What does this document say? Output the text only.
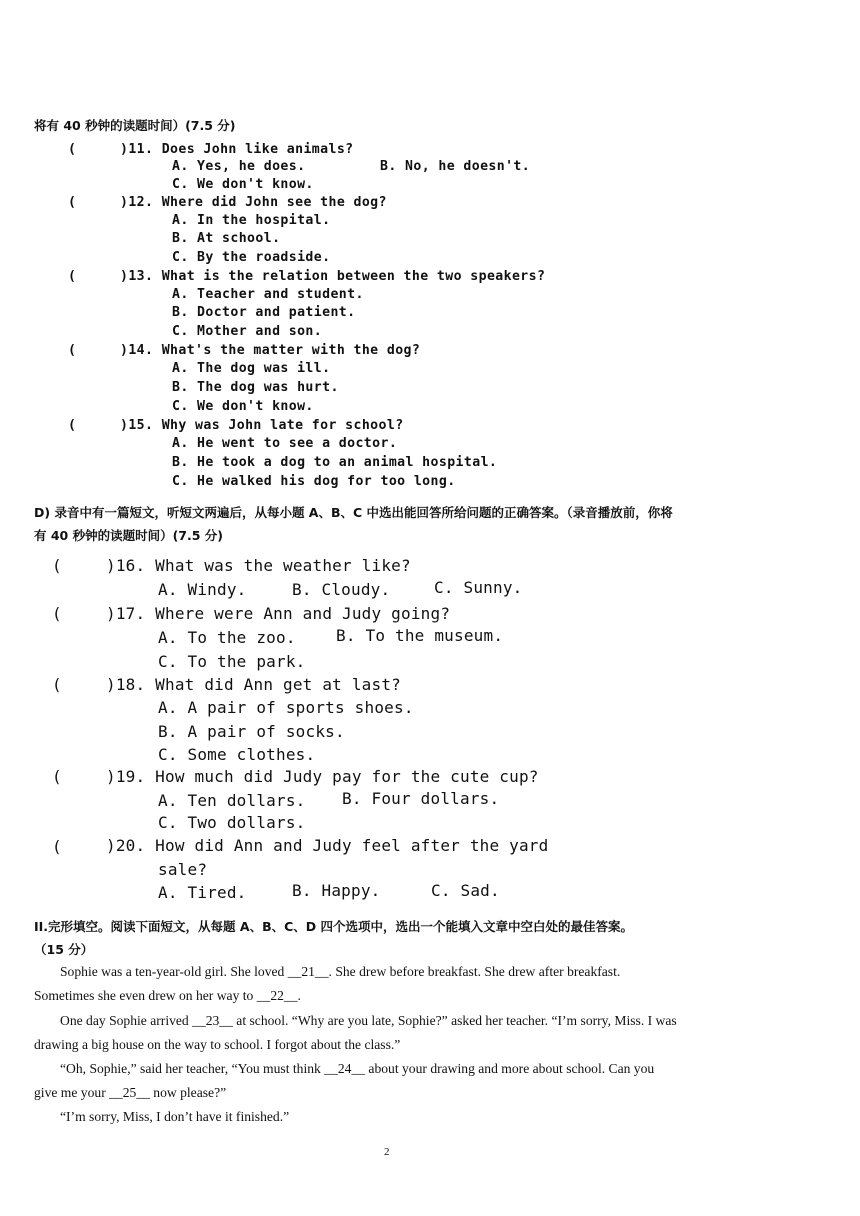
将有 40 秒钟的读题时间）(7.5 分)
(	)11. Does John like animals?
A. Yes, he does.	B. No, he doesn't.
C. We don't know.
(	)12. Where did John see the dog?
A. In the hospital.
B. At school.
C. By the roadside.
(	)13. What is the relation between the two speakers?
A. Teacher and student.
B. Doctor and patient.
C. Mother and son.
(	)14. What's the matter with the dog?
A. The dog was ill.
B. The dog was hurt.
C. We don't know.
(	)15. Why was John late for school?
A. He went to see a doctor.
B. He took a dog to an animal hospital.
C. He walked his dog for too long.
D) 录音中有一篇短文，听短文两遍后，从每小题 A、B、C 中选出能回答所给问题的正确答案。（录音播放前，你将
有 40 秒钟的读题时间）(7.5 分)
(	)16. What was the weather like?
A. Windy.	B. Cloudy.	C. Sunny.
(	)17. Where were Ann and Judy going?
A. To the zoo.	B. To the museum.
C. To the park.
(	)18. What did Ann get at last?
A. A pair of sports shoes.
B. A pair of socks.
C. Some clothes.
(	)19. How much did Judy pay for the cute cup?
A. Ten dollars. B. Four dollars.
C. Two dollars.
(	)20. How did Ann and Judy feel after the yard
sale?
A. Tired.	B. Happy.	C. Sad.
II.完形填空。阅读下面短文，从每题 A、B、C、D 四个选项中，选出一个能填入文章中空白处的最佳答案。
（15 分）
Sophie was a ten-year-old girl. She loved __21__. She drew before breakfast. She drew after breakfast.
Sometimes she even drew on her way to __22__.
One day Sophie arrived __23__ at school. “Why are you late, Sophie?” asked her teacher. “I’m sorry, Miss. I was
drawing a big house on the way to school. I forgot about the class.”
“Oh, Sophie,” said her teacher, “You must think __24__ about your drawing and more about school. Can you
give me your __25__ now please?”
“I’m sorry, Miss, I don’t have it finished.”
2
